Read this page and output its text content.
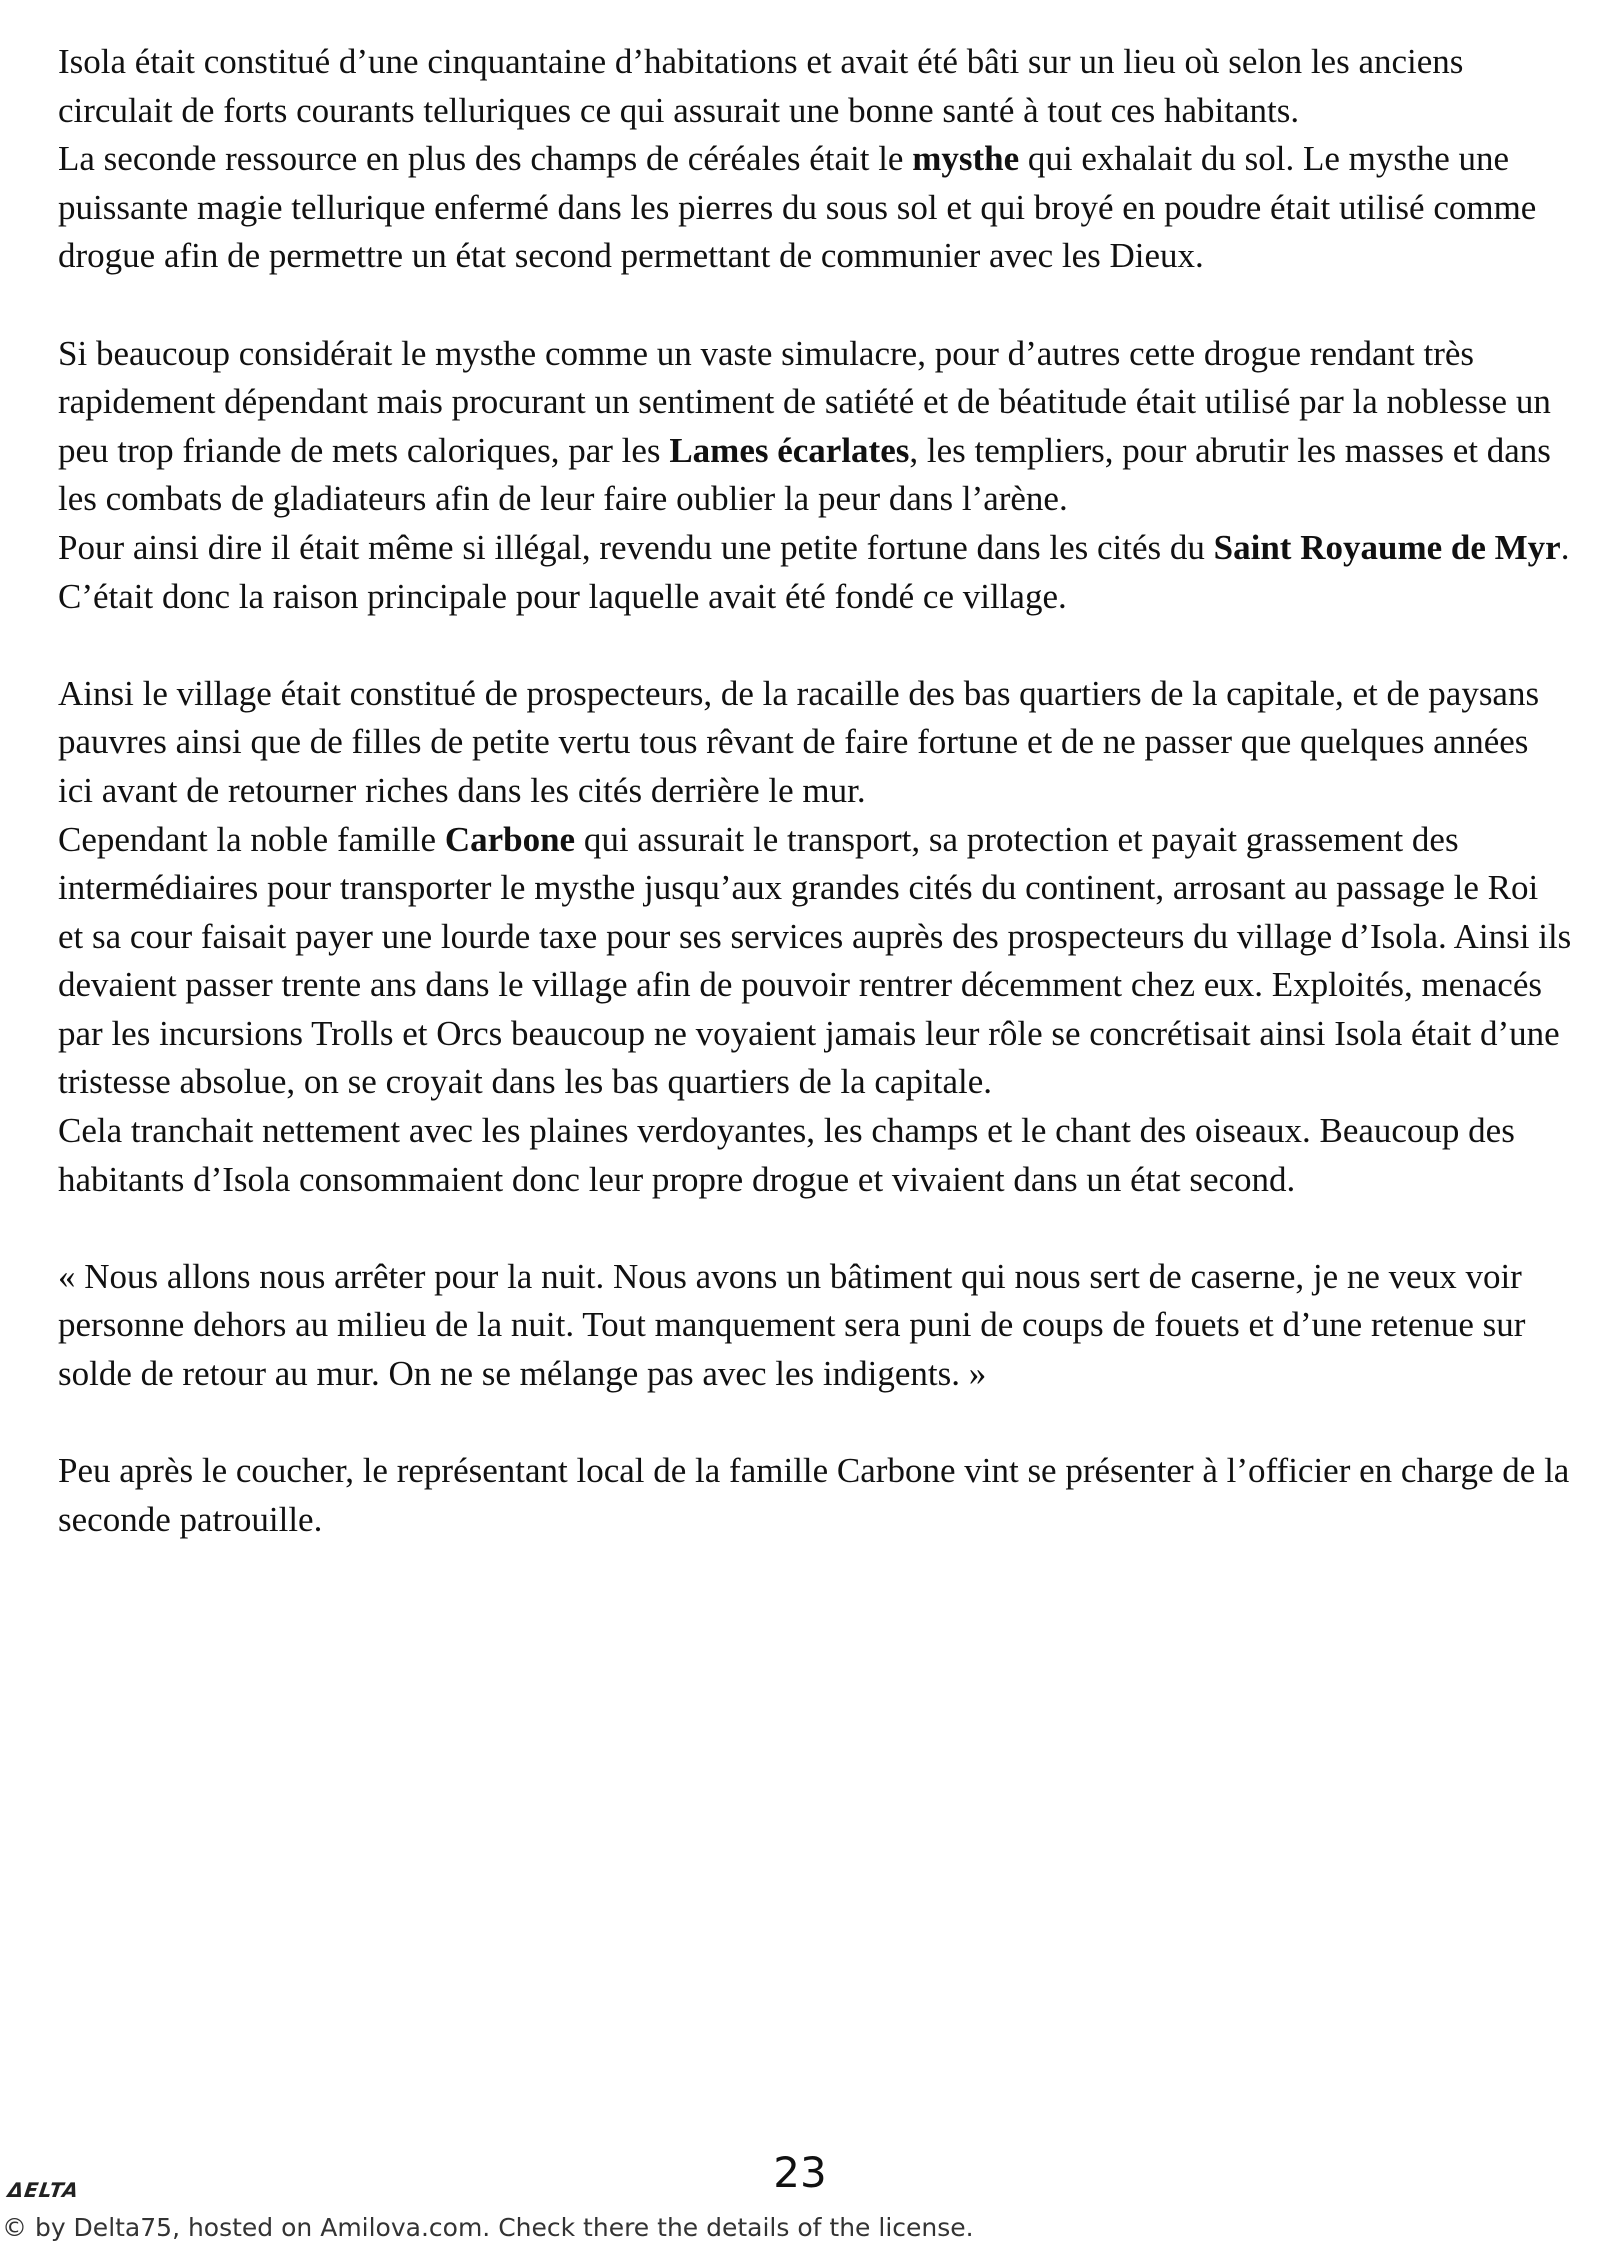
Isola était constitué d’une cinquantaine d’habitations et avait été bâti sur un lieu où selon les anciens circulait de forts courants telluriques ce qui assurait une bonne santé à tout ces habitants.

La seconde ressource en plus des champs de céréales était le mysthe qui exhalait du sol. Le mysthe une puissante magie tellurique enfermé dans les pierres du sous sol et qui broyé en poudre était utilisé comme drogue afin de permettre un état second permettant de communier avec les Dieux.

Si beaucoup considérait le mysthe comme un vaste simulacre, pour d’autres cette drogue rendant très rapidement dépendant mais procurant un sentiment de satiété et de béatitude était utilisé par la noblesse un peu trop friande de mets caloriques, par les Lames écarlates, les templiers, pour abrutir les masses et dans les combats de gladiateurs afin de leur faire oublier la peur dans l’arène.

Pour ainsi dire il était même si illégal, revendu une petite fortune dans les cités du Saint Royaume de Myr. C’était donc la raison principale pour laquelle avait été fondé ce village.

Ainsi le village était constitué de prospecteurs, de la racaille des bas quartiers de la capitale, et de paysans pauvres ainsi que de filles de petite vertu tous rêvant de faire fortune et de ne passer que quelques années ici avant de retourner riches dans les cités derrière le mur.

Cependant la noble famille Carbone qui assurait le transport, sa protection et payait grassement des intermédiaires pour transporter le mysthe jusqu’aux grandes cités du continent, arrosant au passage le Roi et sa cour faisait payer une lourde taxe pour ses services auprès des prospecteurs du village d’Isola. Ainsi ils devaient passer trente ans dans le village afin de pouvoir rentrer décemment chez eux. Exploités, menacés par les incursions Trolls et Orcs beaucoup ne voyaient jamais leur rôle se concrétisait ainsi Isola était d’une tristesse absolue, on se croyait dans les bas quartiers de la capitale.

Cela tranchait nettement avec les plaines verdoyantes, les champs et le chant des oiseaux. Beaucoup des habitants d’Isola consommaient donc leur propre drogue et vivaient dans un état second.

« Nous allons nous arrêter pour la nuit. Nous avons un bâtiment qui nous sert de caserne, je ne veux voir personne dehors au milieu de la nuit. Tout manquement sera puni de coups de fouets et d’une retenue sur solde de retour au mur. On ne se mélange pas avec les indigents. »

Peu après le coucher, le représentant local de la famille Carbone vint se présenter à l’officier en charge de la seconde patrouille.

23
ΔELTA
© by Delta75, hosted on Amilova.com. Check there the details of the license.
